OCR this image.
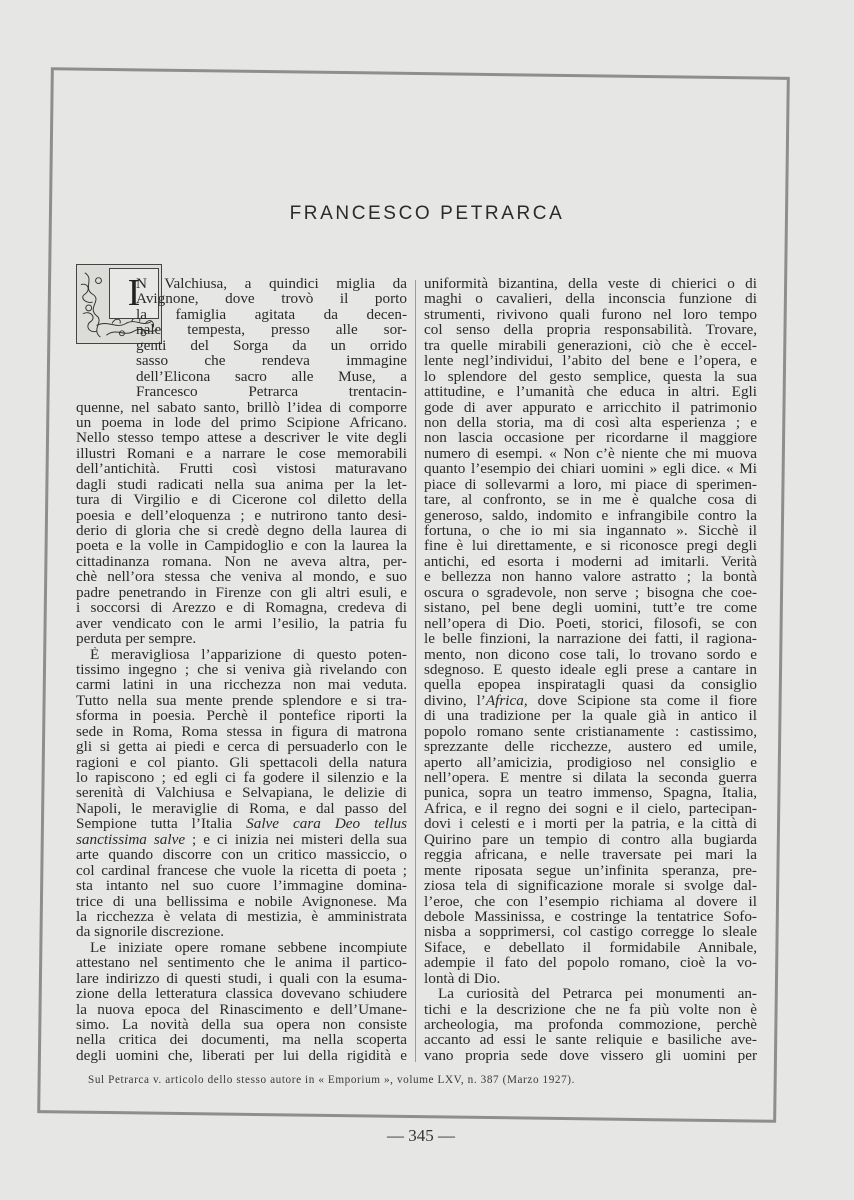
FRANCESCO PETRARCA
I
N Valchiusa, a quindici miglia da
Avignone, dove trovò il porto
la famiglia agitata da decen-
nale tempesta, presso alle sor-
genti del Sorga da un orrido
sasso che rendeva immagine
dell’Elicona sacro alle Muse, a
Francesco Petrarca trentacin-
quenne, nel sabato santo, brillò l’idea di comporre
un poema in lode del primo Scipione Africano.
Nello stesso tempo attese a descriver le vite degli
illustri Romani e a narrare le cose memorabili
dell’antichità. Frutti così vistosi maturavano
dagli studi radicati nella sua anima per la let-
tura di Virgilio e di Cicerone col diletto della
poesia e dell’eloquenza ; e nutrirono tanto desi-
derio di gloria che si credè degno della laurea di
poeta e la volle in Campidoglio e con la laurea la
cittadinanza romana. Non ne aveva altra, per-
chè nell’ora stessa che veniva al mondo, e suo
padre penetrando in Firenze con gli altri esuli, e
i soccorsi di Arezzo e di Romagna, credeva di
aver vendicato con le armi l’esilio, la patria fu
perduta per sempre.
È meravigliosa l’apparizione di questo poten-
tissimo ingegno ; che si veniva già rivelando con
carmi latini in una ricchezza non mai veduta.
Tutto nella sua mente prende splendore e si tra-
sforma in poesia. Perchè il pontefice riporti la
sede in Roma, Roma stessa in figura di matrona
gli si getta ai piedi e cerca di persuaderlo con le
ragioni e col pianto. Gli spettacoli della natura
lo rapiscono ; ed egli ci fa godere il silenzio e la
serenità di Valchiusa e Selvapiana, le delizie di
Napoli, le meraviglie di Roma, e dal passo del
Sempione tutta l’Italia Salve cara Deo tellus
sanctissima salve ; e ci inizia nei misteri della sua
arte quando discorre con un critico massiccio, o
col cardinal francese che vuole la ricetta di poeta ;
sta intanto nel suo cuore l’immagine domina-
trice di una bellissima e nobile Avignonese. Ma
la ricchezza è velata di mestizia, è amministrata
da signorile discrezione.
Le iniziate opere romane sebbene incompiute
attestano nel sentimento che le anima il partico-
lare indirizzo di questi studi, i quali con la esuma-
zione della letteratura classica dovevano schiudere
la nuova epoca del Rinascimento e dell’Umane-
simo. La novità della sua opera non consiste
nella critica dei documenti, ma nella scoperta
degli uomini che, liberati per lui della rigidità e
uniformità bizantina, della veste di chierici o di
maghi o cavalieri, della inconscia funzione di
strumenti, rivivono quali furono nel loro tempo
col senso della propria responsabilità. Trovare,
tra quelle mirabili generazioni, ciò che è eccel-
lente negl’individui, l’abito del bene e l’opera, e
lo splendore del gesto semplice, questa la sua
attitudine, e l’umanità che educa in altri. Egli
gode di aver appurato e arricchito il patrimonio
non della storia, ma di così alta esperienza ; e
non lascia occasione per ricordarne il maggiore
numero di esempi. « Non c’è niente che mi muova
quanto l’esempio dei chiari uomini » egli dice. « Mi
piace di sollevarmi a loro, mi piace di sperimen-
tare, al confronto, se in me è qualche cosa di
generoso, saldo, indomito e infrangibile contro la
fortuna, o che io mi sia ingannato ». Sicchè il
fine è lui direttamente, e si riconosce pregi degli
antichi, ed esorta i moderni ad imitarli. Verità
e bellezza non hanno valore astratto ; la bontà
oscura o sgradevole, non serve ; bisogna che coe-
sistano, pel bene degli uomini, tutt’e tre come
nell’opera di Dio. Poeti, storici, filosofi, se con
le belle finzioni, la narrazione dei fatti, il ragiona-
mento, non dicono cose tali, lo trovano sordo e
sdegnoso. E questo ideale egli prese a cantare in
quella epopea inspiratagli quasi da consiglio
divino, l’Africa, dove Scipione sta come il fiore
di una tradizione per la quale già in antico il
popolo romano sente cristianamente : castissimo,
sprezzante delle ricchezze, austero ed umile,
aperto all’amicizia, prodigioso nel consiglio e
nell’opera. E mentre si dilata la seconda guerra
punica, sopra un teatro immenso, Spagna, Italia,
Africa, e il regno dei sogni e il cielo, partecipan-
dovi i celesti e i morti per la patria, e la città di
Quirino pare un tempio di contro alla bugiarda
reggia africana, e nelle traversate pei mari la
mente riposata segue un’infinita speranza, pre-
ziosa tela di significazione morale si svolge dal-
l’eroe, che con l’esempio richiama al dovere il
debole Massinissa, e costringe la tentatrice Sofo-
nisba a sopprimersi, col castigo corregge lo sleale
Siface, e debellato il formidabile Annibale,
adempie il fato del popolo romano, cioè la vo-
lontà di Dio.
La curiosità del Petrarca pei monumenti an-
tichi e la descrizione che ne fa più volte non è
archeologia, ma profonda commozione, perchè
accanto ad essi le sante reliquie e basiliche ave-
vano propria sede dove vissero gli uomini per
Sul Petrarca v. articolo dello stesso autore in « Emporium », volume LXV, n. 387 (Marzo 1927).
— 345 —
